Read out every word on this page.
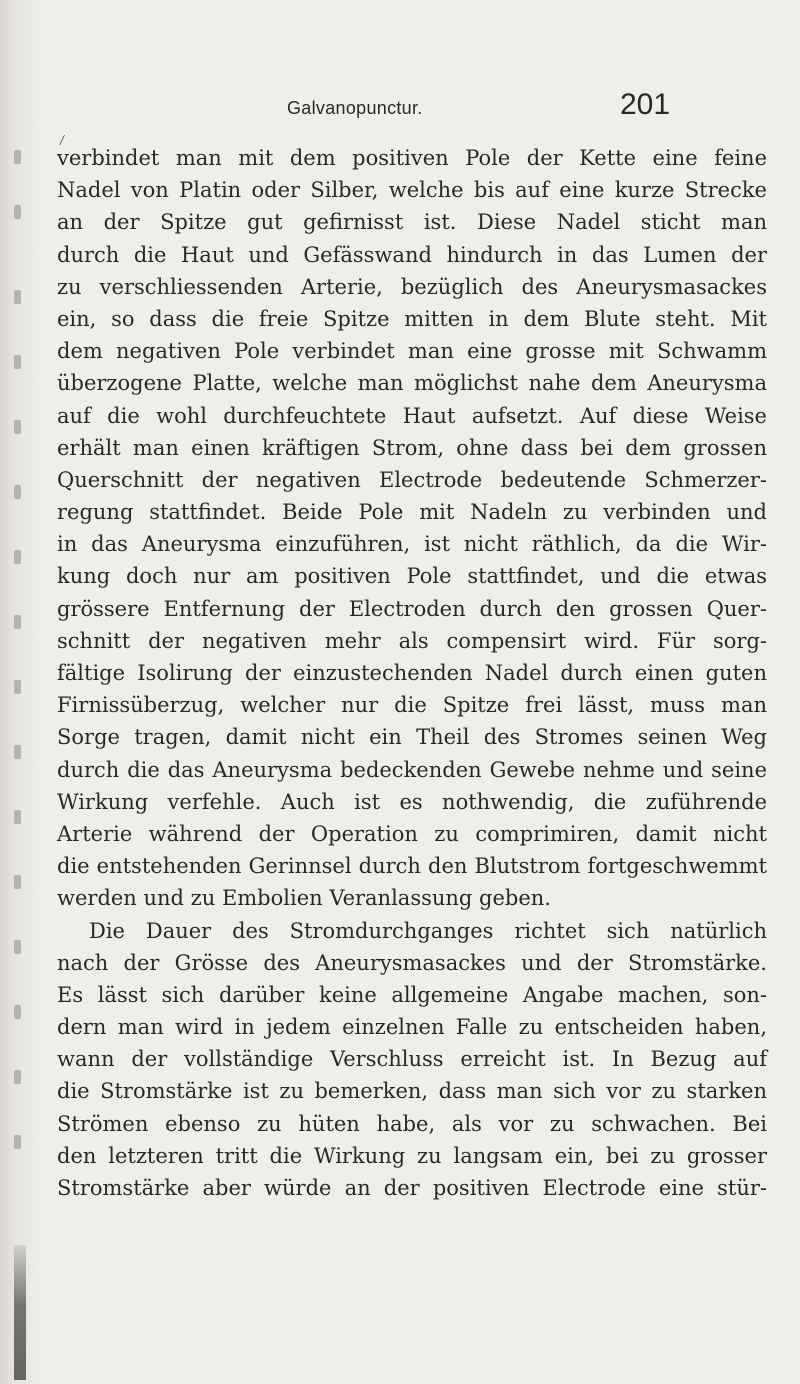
Galvanopunctur.	201
/
verbindet man mit dem positiven Pole der Kette eine feine
Nadel von Platin oder Silber, welche bis auf eine kurze Strecke
an der Spitze gut gefirnisst ist. Diese Nadel sticht man
durch die Haut und Gefässwand hindurch in das Lumen der
zu verschliessenden Arterie, bezüglich des Aneurysmasackes
ein, so dass die freie Spitze mitten in dem Blute steht. Mit
dem negativen Pole verbindet man eine grosse mit Schwamm
überzogene Platte, welche man möglichst nahe dem Aneurysma
auf die wohl durchfeuchtete Haut aufsetzt. Auf diese Weise
erhält man einen kräftigen Strom, ohne dass bei dem grossen
Querschnitt der negativen Electrode bedeutende Schmerzer-
regung stattfindet. Beide Pole mit Nadeln zu verbinden und
in das Aneurysma einzuführen, ist nicht räthlich, da die Wir-
kung doch nur am positiven Pole stattfindet, und die etwas
grössere Entfernung der Electroden durch den grossen Quer-
schnitt der negativen mehr als compensirt wird. Für sorg-
fältige Isolirung der einzustechenden Nadel durch einen guten
Firnissüberzug, welcher nur die Spitze frei lässt, muss man
Sorge tragen, damit nicht ein Theil des Stromes seinen Weg
durch die das Aneurysma bedeckenden Gewebe nehme und seine
Wirkung verfehle. Auch ist es nothwendig, die zuführende
Arterie während der Operation zu comprimiren, damit nicht
die entstehenden Gerinnsel durch den Blutstrom fortgeschwemmt
werden und zu Embolien Veranlassung geben.
Die Dauer des Stromdurchganges richtet sich natürlich
nach der Grösse des Aneurysmasackes und der Stromstärke.
Es lässt sich darüber keine allgemeine Angabe machen, son-
dern man wird in jedem einzelnen Falle zu entscheiden haben,
wann der vollständige Verschluss erreicht ist. In Bezug auf
die Stromstärke ist zu bemerken, dass man sich vor zu starken
Strömen ebenso zu hüten habe, als vor zu schwachen. Bei
den letzteren tritt die Wirkung zu langsam ein, bei zu grosser
Stromstärke aber würde an der positiven Electrode eine stür-
